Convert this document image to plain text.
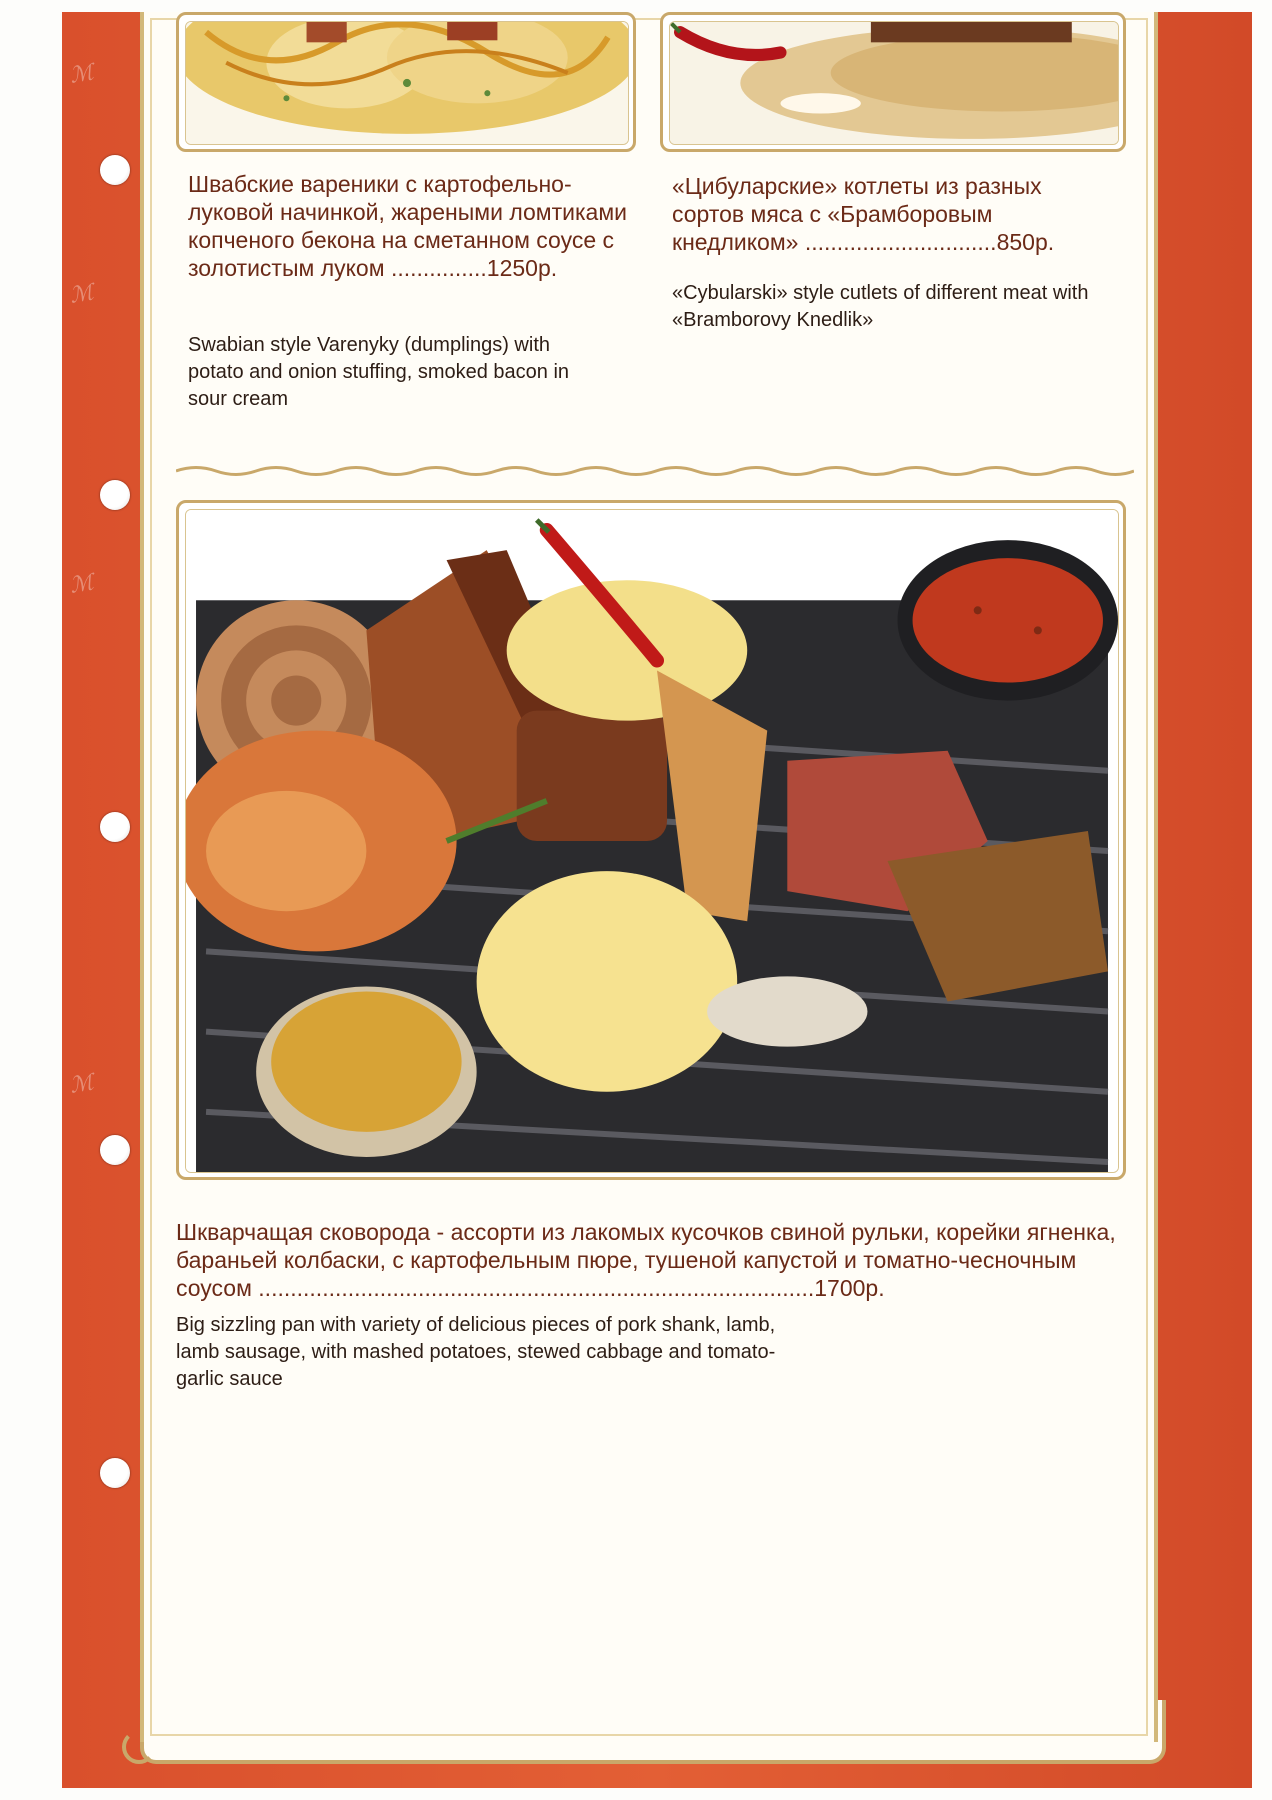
ℳ
ℳ
ℳ
ℳ
Швабские вареники с картофельно-луковой начинкой, жареными ломтиками копченого бекона на сметанном соусе с золотистым луком ...............1250р.
Swabian style Varenyky (dumplings) with potato and onion stuffing, smoked bacon in sour cream
«Цибуларские» котлеты из разных сортов мяса с «Брамборовым кнедликом» ..............................850р.
«Cybularski» style cutlets of different meat with «Bramborovy Knedlik»
Шкварчащая сковорода - ассорти из лакомых кусочков свиной рульки, корейки ягненка, бараньей колбаски, с картофельным пюре, тушеной капустой и томатно-чесночным соусом .......................................................................................1700р.
Big sizzling pan with variety of delicious pieces of pork shank, lamb, lamb sausage, with mashed potatoes, stewed cabbage and tomato-garlic sauce
